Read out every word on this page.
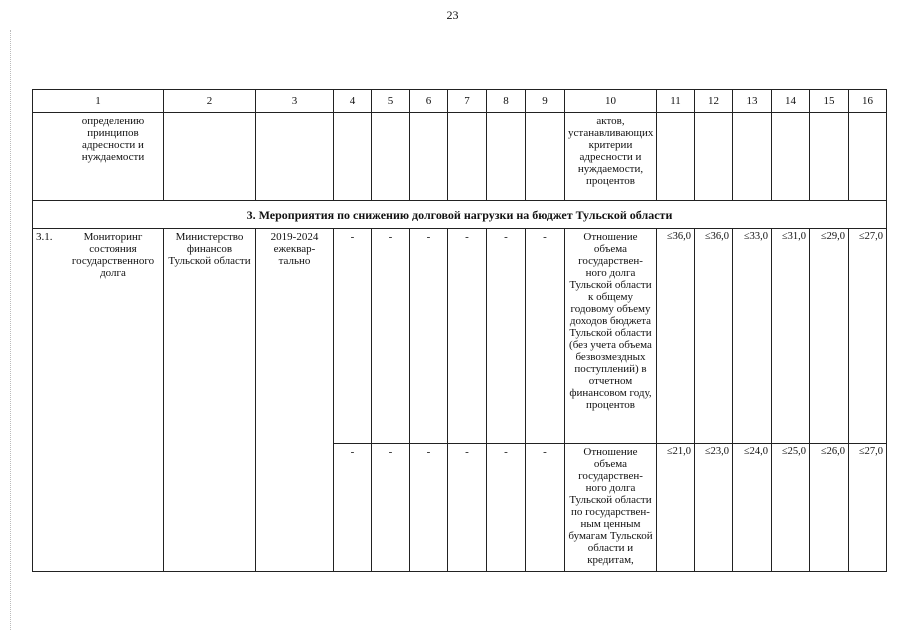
23
1	2	3	4	5	6	7	8	9	10	11	12	13	14	15	16

определению принципов адресности и нуждаемости									актов, устанавливающих критерии адресности и нуждаемости, процентов						
3. Мероприятия по снижению долговой нагрузки на бюджет Тульской области															

3.1. Мониторинг состояния государственного долга	Министерство финансов Тульской области	2019-2024 ежеквар-тально	-	-	-	-	-	-	Отношение объема государствен-ного долга Тульской области к общему годовому объему доходов бюджета Тульской области (без учета объема безвозмездных поступлений) в отчетном финансовом году, процентов	≤36,0	≤36,0	≤33,0	≤31,0	≤29,0	≤27,0
			-	-	-	-	-	-	Отношение объема государствен-ного долга Тульской области по государствен-ным ценным бумагам Тульской области и кредитам,	≤21,0	≤23,0	≤24,0	≤25,0	≤26,0	≤27,0
